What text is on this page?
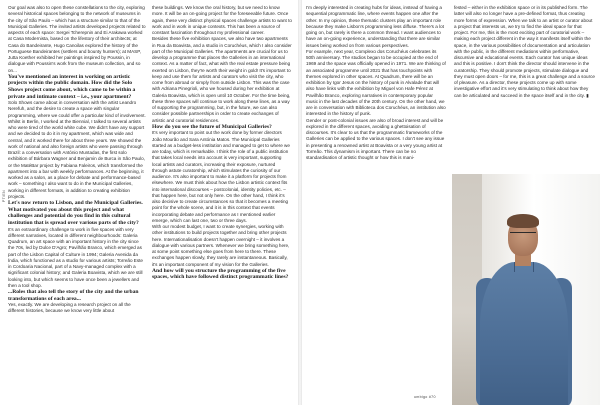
PT/EN

Our goal was also to open these constellations to the city, exploring several historical spaces belonging to the network of museums in the city of São Paulo – which has a structure similar to that of the Municipal Galleries. The invited artists developed projects related to aspects of each space: Sergei Tcherepnin and Ei Arakawa worked at Casa Modernista, based on the lifestory of their architects; at Casa do Bandeirante, Hugo Canoilas explored the history of the Portuguese Bandeirantes (settlers and bounty hunters); at MASP, Jutta Koether exhibited her paintings inspired by Poussin, in dialogue with Poussin's work from the museum collection, and so on...

You've mentioned an interest in working on artistic projects within the public domain. How did the Solo Shows project come about, which came to be within a private and intimate context – i.e., your apartment?

Solo Shows came about in conversation with the artist Leandro Nerefuh, and the desire to create a space with singular programming, where we could offer a particular kind of involvement. Whilst in Berlin, I worked at the Biennial, I talked to several artists who were tired of the world white cube. We didn't have any support and we decided to do it in my apartment, which was wide and central, and it worked there for about three years. We showed the work of national and also foreign artists who were passing through Brazil: a conversation with António Muntadas, the first solo exhibition of Bárbara Wagner and Benjamin de Burca in São Paulo, or the MatéBar project by Fabiana Faleiros, which transformed the apartment into a bar with weekly performances. At the beginning, it worked as a salon, as a place for debate and performance-based work – something I also want to do in the Municipal Galleries, working in different formats, in addition to creating exhibition projects.

Let's now return to Lisbon, and the Municipal Galleries. What motivated you about this project and what challenges and potential do you find in this cultural institution that is spread over various parts of the city?

It's an extraordinary challenge to work in five spaces with very different narratives, located in different neighbourhoods: Galeria Quadrum, an art space with an important history in the city since the 70s, led by Dulce D'Agro; Pavilhão Branco, which emerged as part of the Lisbon Capital of Culture in 1994; Galeria Avenida da Índia, which functioned as a studio for various artists; Torreão Este in Cordoaria Nacional, part of a Navy-managed complex with a significant colonial history; and Galeria Boavista, which we are still looking into, but which seems to have once been a jewellers and then a tool shop.

...Roles that also tell the story of the city and the urban transformations of each area...

Yes, exactly. We are developing a research project on all the different histories, because we know very little about

these buildings. We know the oral history, but we need to know more. It will be an on-going project for the foreseeable future. Once again, these very distinct physical spaces challenge artists to want to work and in work in unique contexts. This has been a source of constant fascination throughout my professional career.

Besides these five exhibition spaces, we also have two apartments in Rua da Boavista, and a studio in Coruchéus, which I also consider part of the Municipal Galleries. The apartments are crucial for us to develop a programme that places the Galleries in an international context. As a matter of fact, what with the real estate pressure being exerted on Lisbon, they're worth their weight in gold! It's important to keep and use them for artists and curators who visit the city, who come from abroad or simply from outside Lisbon. This was the case with Adriana Pinegrioli, who we housed during her exhibition at Galeria Boavista, which is open until 10 October. For the time being, these three spaces will continue to work along these lines, as a way of supporting the programming, but, in the future, we can also consider possible partnerships in order to create exchanges of artistic and curatorial residences.

How do you see the future of Municipal Galleries?

It's very important to point out the work done by former directors João Mourão and Sara Antónia Matos. The Municipal Galleries started as a budget-less institution and managed to get to where we are today, which is remarkable. I think the role of a public institution that takes local needs into account is very important, supporting local artists and curators, increasing their exposure, nurtured through astute curatorship, which stimulates the curiosity of our audience. It's also important to make it a platform for projects from elsewhere. We must think about how the Lisbon artistic context fits into international discourses – postcolonial, identity policies, etc. – that happen here, but not only here. On the other hand, I think it's also decisive to create circumstances so that it becomes a meeting point for the whole scene, and it is in this context that events incorporating debate and performance as I mentioned earlier emerge, which can last one, two or three days.

With our modest budget, I want to create synergies, working with other institutions to build projects together and bring other projects here. Internationalisation doesn't happen overnight – it involves a dialogue with various partners. Whenever we bring something here, at some point something else goes from here to there. These exchanges happen slowly, they rarely are instantaneous. Basically, it's an important component of my vision for the Galleries.

And how will you structure the programming of the five spaces, which have followed distinct programmatic lines?

I'm deeply interested in creating hubs for ideas, instead of having a sequential programmatic line, where events happen one after the other. In my opinion, these thematic clusters play an important role because they make Lisbon's programming less diffuse. There's a lot going on, but rarely is there a common thread. I want audiences to have an on-going experience, understanding that there are similar issues being worked on from various perspectives.

For example, next year, Complexo dos Coruchéus celebrates its 50th anniversary. The studios began to be occupied at the end of 1969 and the space was officially opened in 1971. We are thinking of an associated programme until 2021 that has touchpoints with themes explored in other spaces. At Quadrum, there will be an exhibition by Igor Jesus on the history of punk in Alvalade that will also have links with the exhibition by Miguel von Hafe Pérez at Pavilhão Branco, exploring narratives in contemporary popular music in the last decades of the 20th century. On the other hand, we are in conversation with Biblioteca dos Coruchéus, an institution also interested in the history of punk.

Gender or post-colonial issues are also of broad interest and will be explored in the different spaces, avoiding a ghettoisation of discourses. It's clear to us that the programmatic frameworks of the Galleries can be applied to the various spaces. I don't see any issue in presenting a renowned artist at Boavista or a very young artist at Torreão. This dynamism is important. There can be no standardisation of artistic thought or how this is mani-

fested – either in the exhibition space or in its published form. The latter will also no longer have a pre-defined format, thus creating more forms of expression. When we talk to an artist or curator about a project that interests us, we try to find the ideal space for that project. For me, this is the most exciting part of curatorial work – making each project different in the way it manifests itself within the space, in the various possibilities of documentation and articulation with the public, in the different mediations within performative, discursive and educational events. Each curator has unique ideas and this is positive. I don't think the director should intervene in the curatorship. They should promote projects, stimulate dialogue and they must open doors – for me, this is a great challenge and a source of pleasure. As a director, these projects come up with some investigative effort and it's very stimulating to think about how they can be articulated and succeed in the space itself and in the city. ▮

umbigo #70
